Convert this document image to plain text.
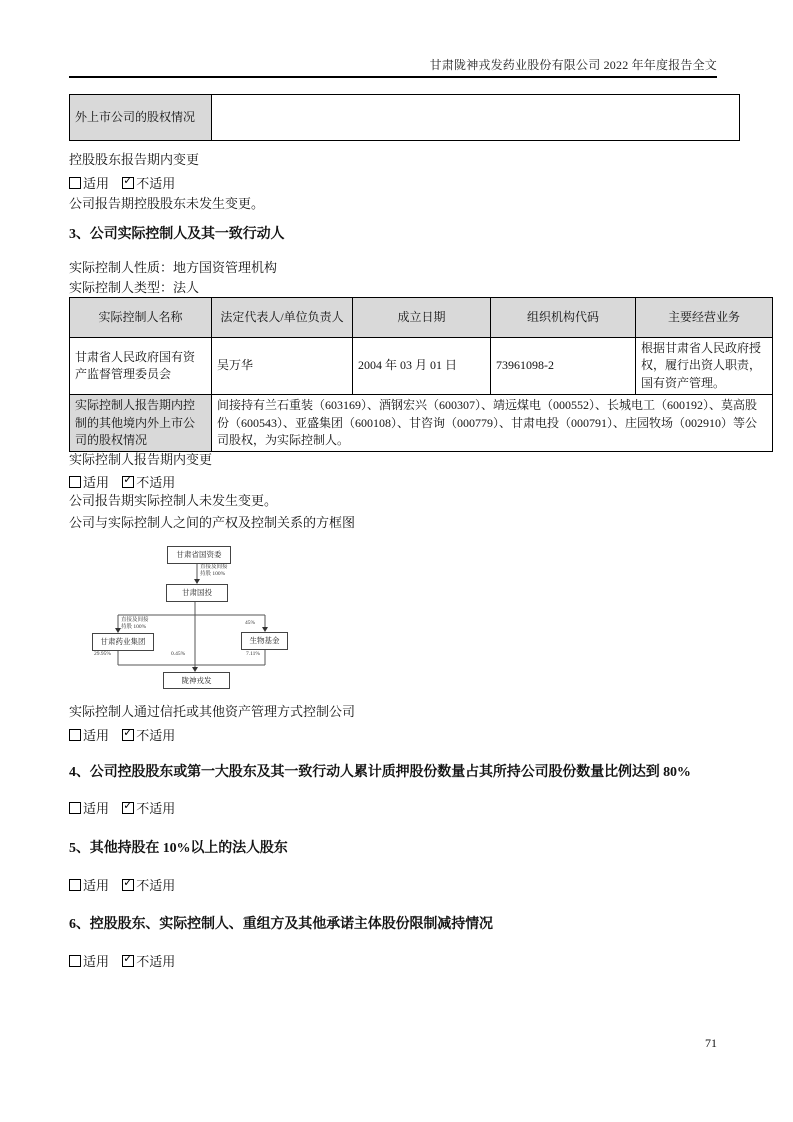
甘肃陇神戎发药业股份有限公司 2022 年年度报告全文
外上市公司的股权情况	
控股股东报告期内变更
适用 ✓ 不适用
公司报告期控股股东未发生变更。
3、公司实际控制人及其一致行动人
实际控制人性质：地方国资管理机构
实际控制人类型：法人
实际控制人名称	法定代表人/单位负责人	成立日期	组织机构代码	主要经营业务
甘肃省人民政府国有资产监督管理委员会	吴万华	2004 年 03 月 01 日	73961098-2	根据甘肃省人民政府授权，履行出资人职责，国有资产管理。
实际控制人报告期内控制的其他境内外上市公司的股权情况	间接持有兰石重装（603169）、酒钢宏兴（600307）、靖远煤电（000552）、长城电工（600192）、莫高股份（600543）、亚盛集团（600108）、甘咨询（000779）、甘肃电投（000791）、庄园牧场（002910）等公司股权，为实际控制人。			
实际控制人报告期内变更
适用 ✓ 不适用
公司报告期实际控制人未发生变更。
公司与实际控制人之间的产权及控制关系的方框图
甘肃省国资委
甘肃国投
甘肃药业集团	生物基金
陇神戎发
直接及间接
持股 100%
直接及间接
持股 100%
45%
29.95%	0.45%	7.11%
实际控制人通过信托或其他资产管理方式控制公司
适用 ✓ 不适用
4、公司控股股东或第一大股东及其一致行动人累计质押股份数量占其所持公司股份数量比例达到 80%
适用 ✓ 不适用
5、其他持股在 10%以上的法人股东
适用 ✓ 不适用
6、控股股东、实际控制人、重组方及其他承诺主体股份限制减持情况
适用 ✓ 不适用
71
